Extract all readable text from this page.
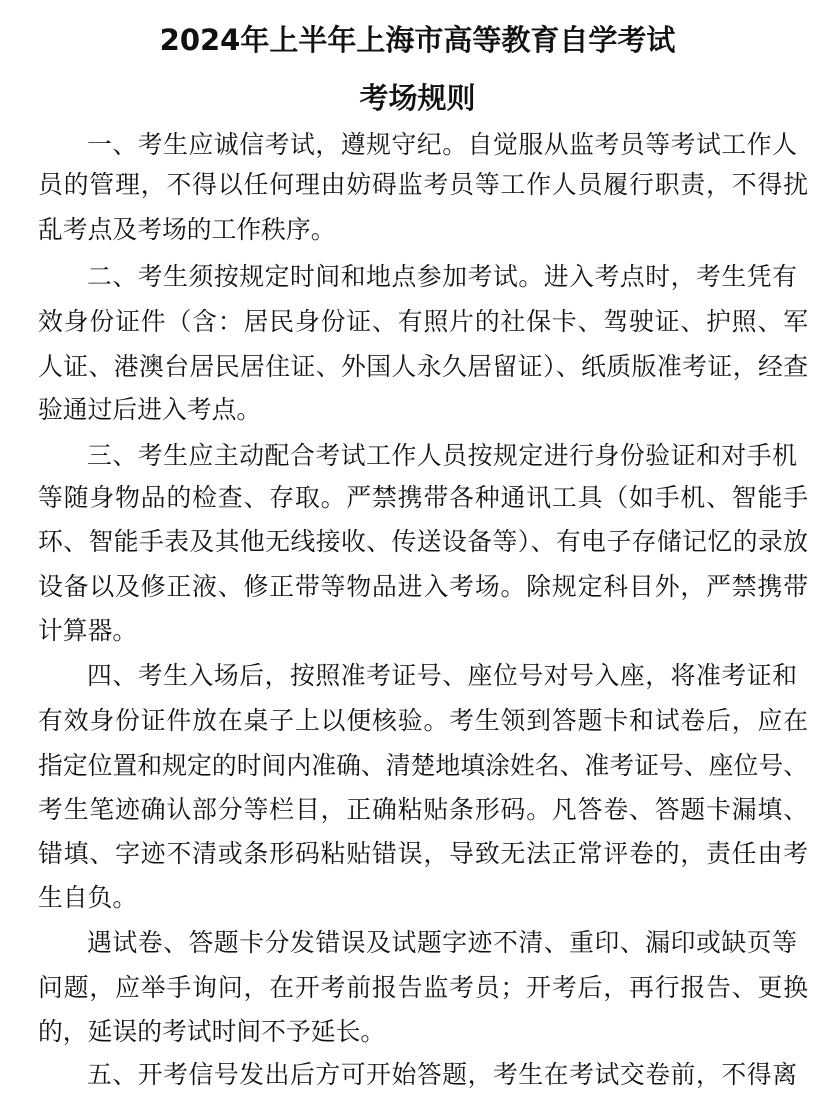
2024年上半年上海市高等教育自学考试
考场规则
一、考生应诚信考试，遵规守纪。自觉服从监考员等考试工作人
员的管理，不得以任何理由妨碍监考员等工作人员履行职责，不得扰
乱考点及考场的工作秩序。
二、考生须按规定时间和地点参加考试。进入考点时，考生凭有
效身份证件（含：居民身份证、有照片的社保卡、驾驶证、护照、军
人证、港澳台居民居住证、外国人永久居留证）、纸质版准考证，经查
验通过后进入考点。
三、考生应主动配合考试工作人员按规定进行身份验证和对手机
等随身物品的检查、存取。严禁携带各种通讯工具（如手机、智能手
环、智能手表及其他无线接收、传送设备等）、有电子存储记忆的录放
设备以及修正液、修正带等物品进入考场。除规定科目外，严禁携带
计算器。
四、考生入场后，按照准考证号、座位号对号入座，将准考证和
有效身份证件放在桌子上以便核验。考生领到答题卡和试卷后，应在
指定位置和规定的时间内准确、清楚地填涂姓名、准考证号、座位号、
考生笔迹确认部分等栏目，正确粘贴条形码。凡答卷、答题卡漏填、
错填、字迹不清或条形码粘贴错误，导致无法正常评卷的，责任由考
生自负。
遇试卷、答题卡分发错误及试题字迹不清、重印、漏印或缺页等
问题，应举手询问，在开考前报告监考员；开考后，再行报告、更换
的，延误的考试时间不予延长。
五、开考信号发出后方可开始答题，考生在考试交卷前，不得离
